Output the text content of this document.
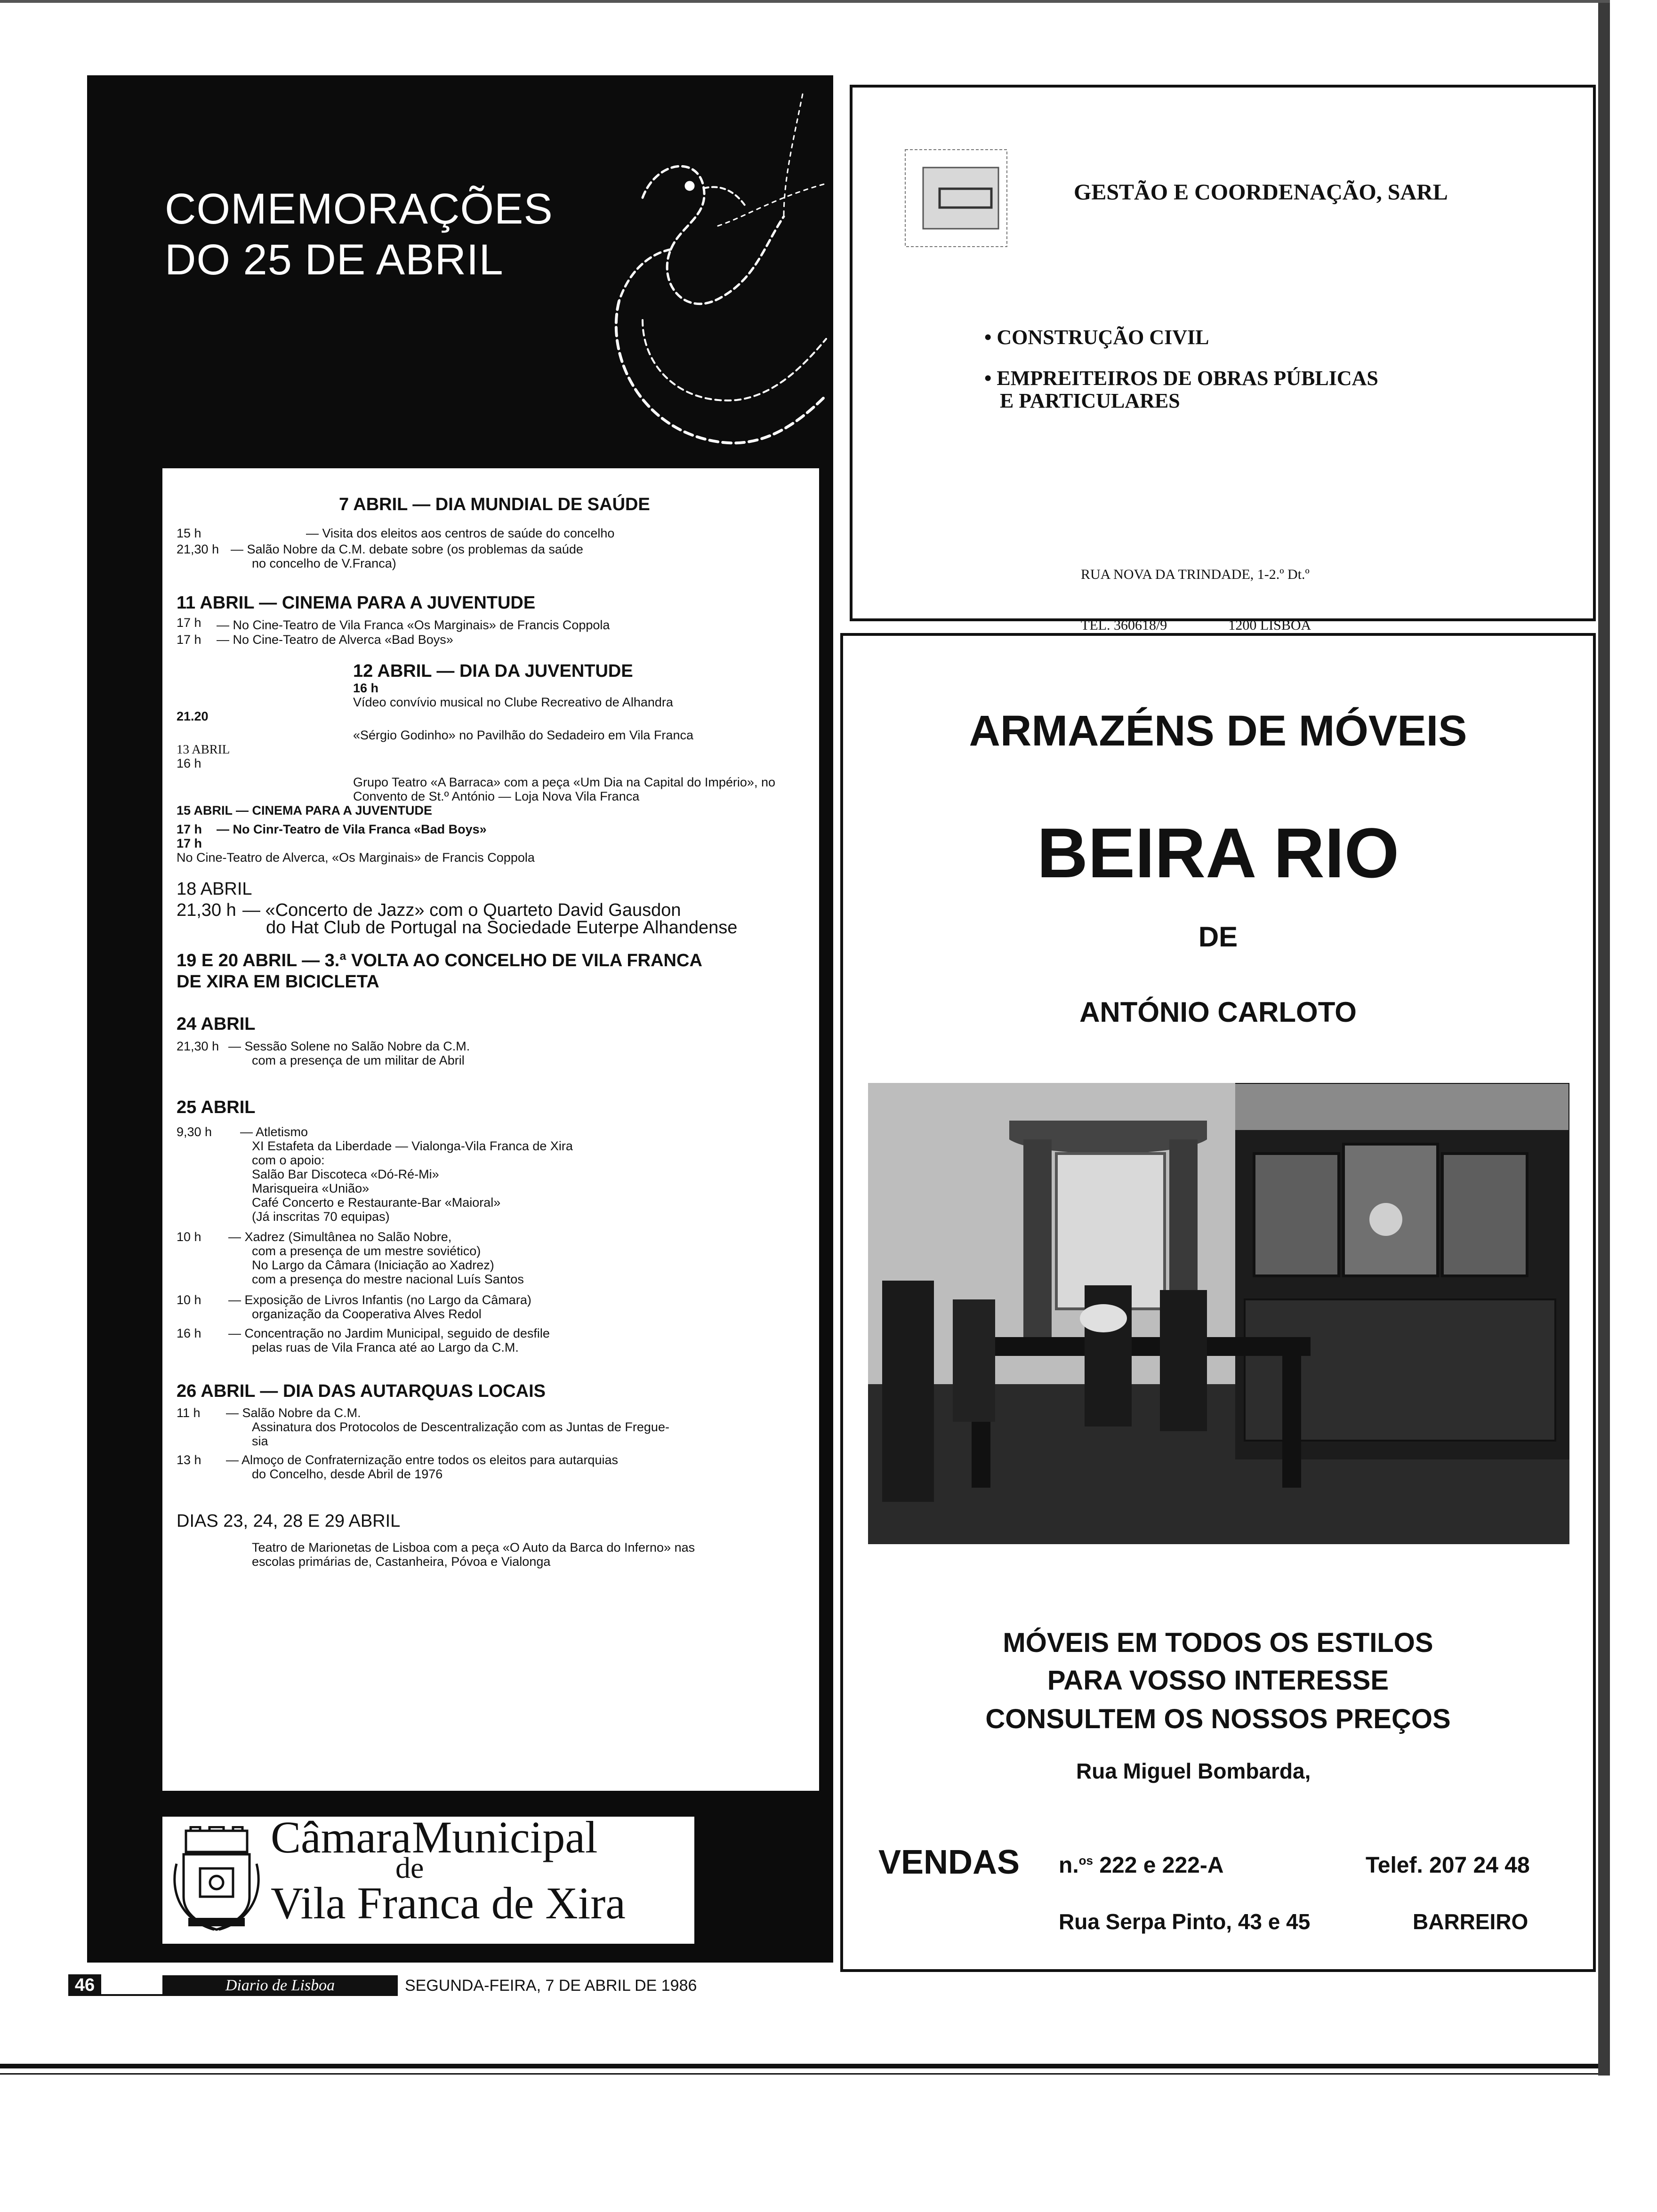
COMEMORAÇÕES
DO 25 DE ABRIL
7 ABRIL — DIA MUNDIAL DE SAÚDE
15 h	— Visita dos eleitos aos centros de saúde do concelho
21,30 h — Salão Nobre da C.M. debate sobre (os problemas da saúde
no concelho de V.Franca)
11 ABRIL — CINEMA PARA A JUVENTUDE
17 h — No Cine-Teatro de Vila Franca «Os Marginais» de Francis Coppola
17 h — No Cine-Teatro de Alverca «Bad Boys»
12 ABRIL — DIA DA JUVENTUDE
16 h
Vídeo convívio musical no Clube Recreativo de Alhandra
21.20
«Sérgio Godinho» no Pavilhão do Sedadeiro em Vila Franca
13 ABRIL
16 h
Grupo Teatro «A Barraca» com a peça «Um Dia na Capital do Império», no
Convento de St.º António — Loja Nova Vila Franca
15 ABRIL — CINEMA PARA A JUVENTUDE
17 h — No Cinr-Teatro de Vila Franca «Bad Boys»
17 h
No Cine-Teatro de Alverca, «Os Marginais» de Francis Coppola
18 ABRIL
21,30 h — «Concerto de Jazz» com o Quarteto David Gausdon
do Hat Club de Portugal na Sociedade Euterpe Alhandense
19 E 20 ABRIL — 3.ª VOLTA AO CONCELHO DE VILA FRANCA
DE XIRA EM BICICLETA
24 ABRIL
21,30 h — Sessão Solene no Salão Nobre da C.M.
com a presença de um militar de Abril
25 ABRIL
9,30 h — Atletismo
XI Estafeta da Liberdade — Vialonga-Vila Franca de Xira
com o apoio:
Salão Bar Discoteca «Dó-Ré-Mi»
Marisqueira «União»
Café Concerto e Restaurante-Bar «Maioral»
(Já inscritas 70 equipas)
10 h — Xadrez (Simultânea no Salão Nobre,
com a presença de um mestre soviético)
No Largo da Câmara (Iniciação ao Xadrez)
com a presença do mestre nacional Luís Santos
10 h — Exposição de Livros Infantis (no Largo da Câmara)
organização da Cooperativa Alves Redol
16 h — Concentração no Jardim Municipal, seguido de desfile
pelas ruas de Vila Franca até ao Largo da C.M.
26 ABRIL — DIA DAS AUTARQUAS LOCAIS
11 h — Salão Nobre da C.M.
Assinatura dos Protocolos de Descentralização com as Juntas de Fregue-
sia
13 h — Almoço de Confraternização entre todos os eleitos para autarquias
do Concelho, desde Abril de 1976
DIAS 23, 24, 28 E 29 ABRIL
Teatro de Marionetas de Lisboa com a peça «O Auto da Barca do Inferno» nas
escolas primárias de, Castanheira, Póvoa e Vialonga
Câmara Municipal
de
Vila Franca de Xira
GESTÃO E COORDENAÇÃO, SARL
• CONSTRUÇÃO CIVIL
• EMPREITEIROS DE OBRAS PÚBLICAS
E PARTICULARES

RUA NOVA DA TRINDADE, 1-2.º Dt.º

TEL. 360618/9	1200 LISBOA

ARMAZÉNS DE MÓVEIS
BEIRA RIO
DE
ANTÓNIO CARLOTO
MÓVEIS EM TODOS OS ESTILOS
PARA VOSSO INTERESSE
CONSULTEM OS NOSSOS PREÇOS
Rua Miguel Bombarda,
VENDAS n.$^{os}$ 222 e 222-A	Telef. 207 24 48
Rua Serpa Pinto, 43 e 45	BARREIRO
46	Diario de Lisboa	SEGUNDA-FEIRA, 7 DE ABRIL DE 1986
